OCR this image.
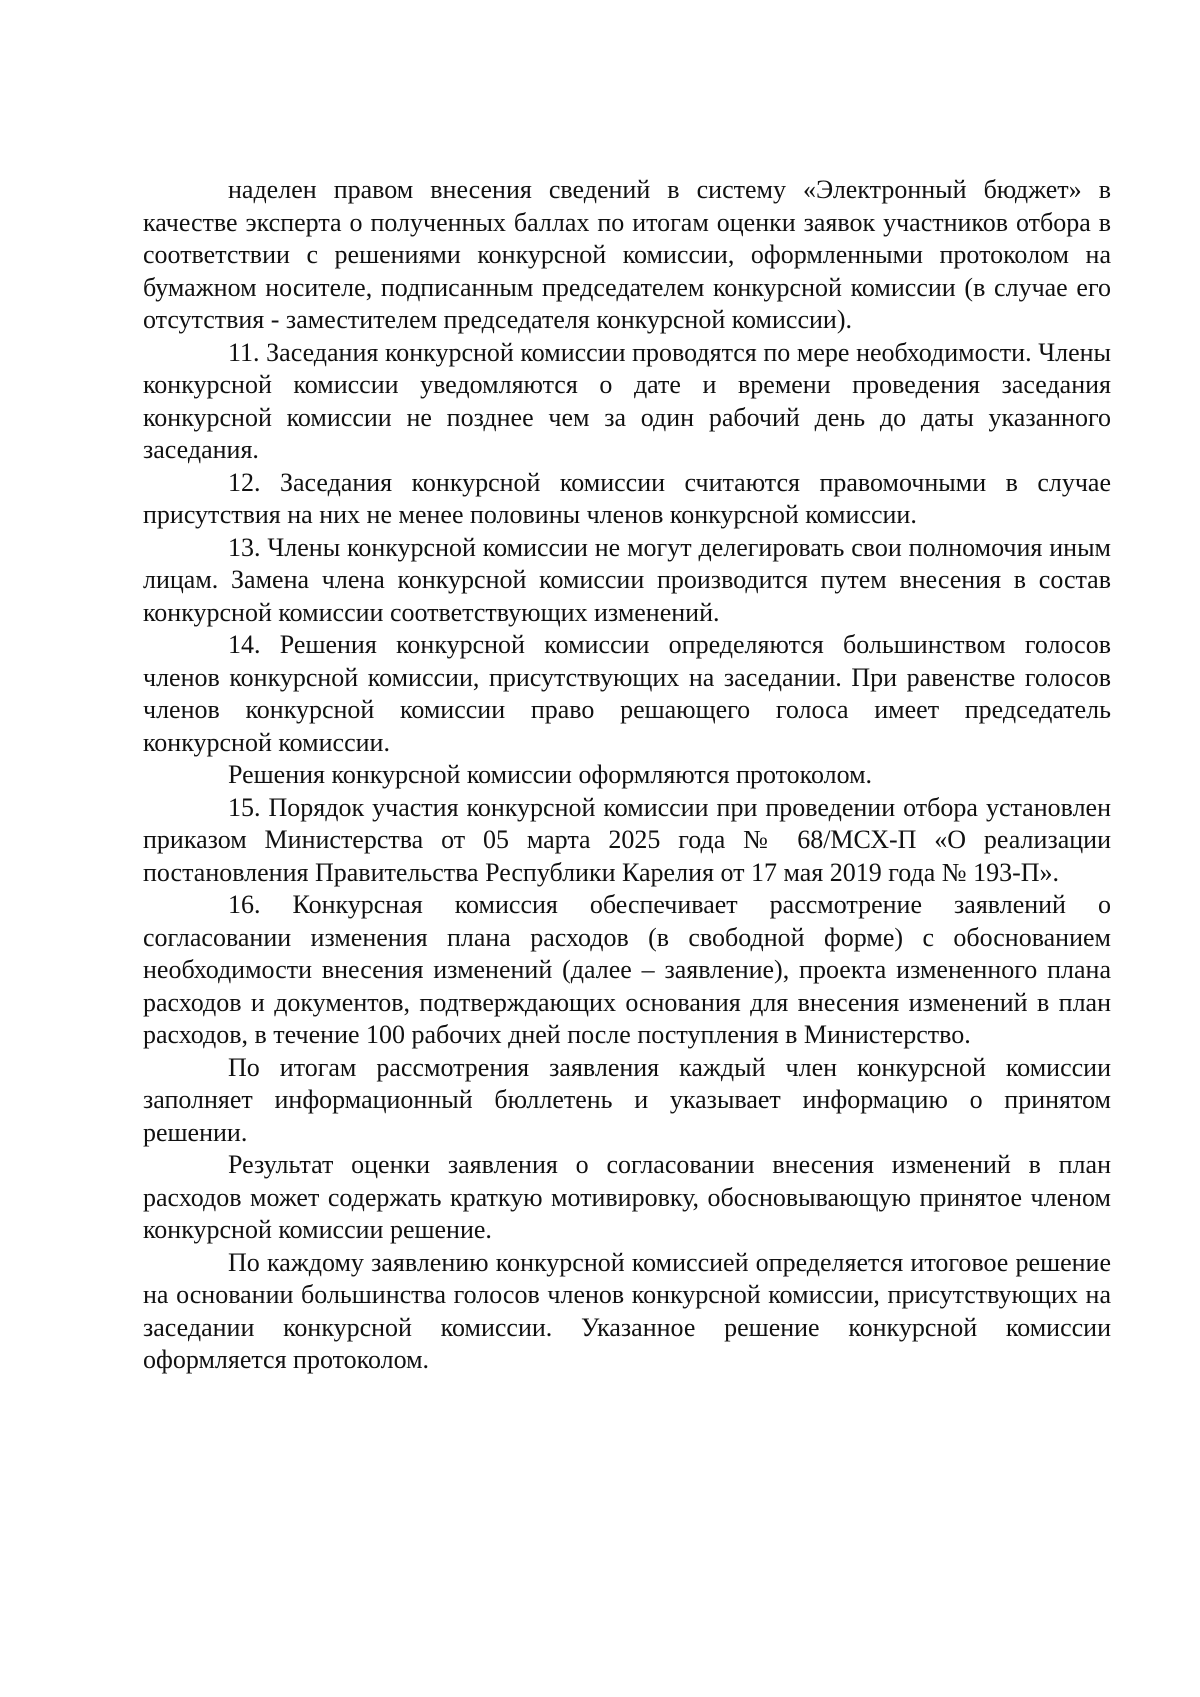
наделен правом внесения сведений в систему «Электронный бюджет» в качестве эксперта о полученных баллах по итогам оценки заявок участников отбора в соответствии с решениями конкурсной комиссии, оформленными протоколом на бумажном носителе, подписанным председателем конкурсной комиссии (в случае его отсутствия - заместителем председателя конкурсной комиссии).

11. Заседания конкурсной комиссии проводятся по мере необходимости. Члены конкурсной комиссии уведомляются о дате и времени проведения заседания конкурсной комиссии не позднее чем за один рабочий день до даты указанного заседания.

12. Заседания конкурсной комиссии считаются правомочными в случае присутствия на них не менее половины членов конкурсной комиссии.

13. Члены конкурсной комиссии не могут делегировать свои полномочия иным лицам. Замена члена конкурсной комиссии производится путем внесения в состав конкурсной комиссии соответствующих изменений.

14. Решения конкурсной комиссии определяются большинством голосов членов конкурсной комиссии, присутствующих на заседании. При равенстве голосов членов конкурсной комиссии право решающего голоса имеет председатель конкурсной комиссии.

Решения конкурсной комиссии оформляются протоколом.

15. Порядок участия конкурсной комиссии при проведении отбора установлен приказом Министерства от 05 марта 2025 года № 68/МСХ-П «О реализации постановления Правительства Республики Карелия от 17 мая 2019 года № 193-П».

16. Конкурсная комиссия обеспечивает рассмотрение заявлений о согласовании изменения плана расходов (в свободной форме) с обоснованием необходимости внесения изменений (далее – заявление), проекта измененного плана расходов и документов, подтверждающих основания для внесения изменений в план расходов, в течение 100 рабочих дней после поступления в Министерство.

По итогам рассмотрения заявления каждый член конкурсной комиссии заполняет информационный бюллетень и указывает информацию о принятом решении.

Результат оценки заявления о согласовании внесения изменений в план расходов может содержать краткую мотивировку, обосновывающую принятое членом конкурсной комиссии решение.

По каждому заявлению конкурсной комиссией определяется итоговое решение на основании большинства голосов членов конкурсной комиссии, присутствующих на заседании конкурсной комиссии. Указанное решение конкурсной комиссии оформляется протоколом.
